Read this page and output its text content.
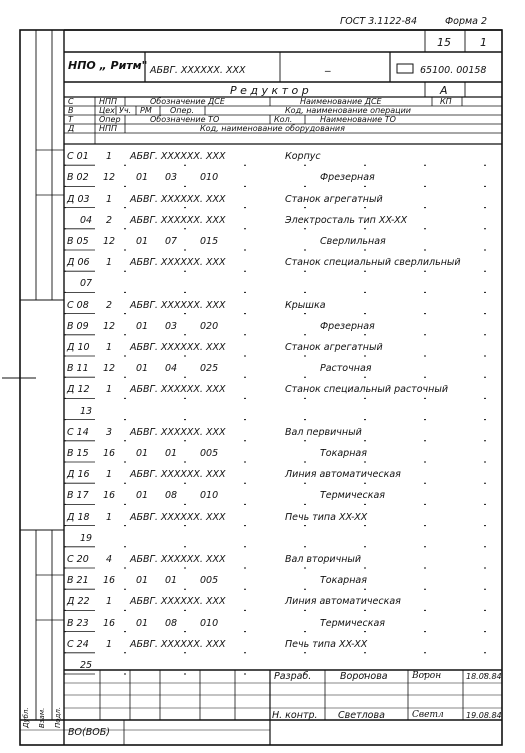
ГОСТ 3.1122-84	Форма 2
15	1
НПО „ Ритм" АБВГ. XXXXXX. XXX	_	65100. 00158
Р е д у к т о р	А
С	НПП	Обозначение ДСЕ	Наименование ДСЕ	КП
В	Цех Уч. РМ Опер.	Код, наименование операции
Т	Опер	Обозначение ТО	Кол.	Наименование ТО
Д	НПП	Код, наименование оборудования
С 01	1	АБВГ. XXXXXX. XXX	Корпус
В 02	12	01 03 010	Фрезерная
Д 03	1	АБВГ. XXXXXX. XXX	Станок агрегатный
04	2	АБВГ. XXXXXX. XXX	Электросталь тип XX-XX
В 05	12	01 07 015	Сверлильная
Д 06	1	АБВГ. XXXXXX. XXX	Станок специальный сверлильный
07
С 08	2	АБВГ. XXXXXX. XXX	Крышка
В 09	12	01 03 020	Фрезерная
Д 10	1	АБВГ. XXXXXX. XXX	Станок агрегатный
В 11	12	01 04 025	Расточная
Д 12	1	АБВГ. XXXXXX. XXX	Станок специальный расточный
13
С 14	3	АБВГ. XXXXXX. XXX	Вал первичный
В 15	16	01 01 005	Токарная
Д 16	1	АБВГ. XXXXXX. XXX	Линия автоматическая
В 17	16	01 08 010	Термическая
Д 18	1	АБВГ. XXXXXX. XXX	Печь типа XX-XX
19
С 20	4	АБВГ. XXXXXX. XXX	Вал вторичный
В 21	16	01 01 005	Токарная
Д 22	1	АБВГ. XXXXXX. XXX	Линия автоматическая
В 23	16	01 08 010	Термическая
С 24	1	АБВГ. XXXXXX. XXX	Печь типа XX-XX
25
Дубл. Взам. Подл.
Разраб.	Воронова	Ворон	18.08.84
Н. контр. Светлова	Светл	19.08.84
ВО(ВОБ)
